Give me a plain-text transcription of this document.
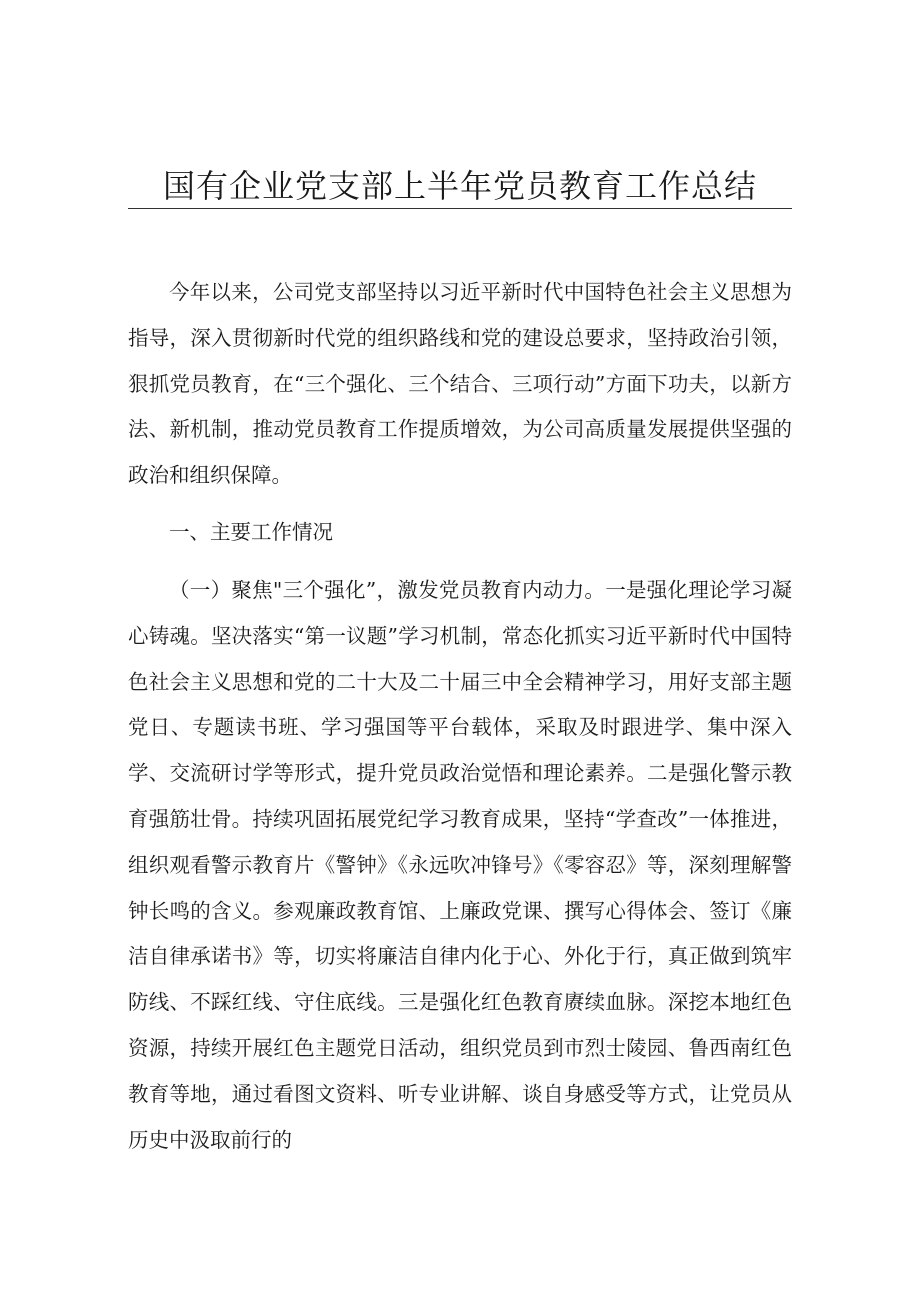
国有企业党支部上半年党员教育工作总结

今年以来，公司党支部坚持以习近平新时代中国特色社会主义思想为指导，深入贯彻新时代党的组织路线和党的建设总要求，坚持政治引领，狠抓党员教育，在“三个强化、三个结合、三项行动”方面下功夫，以新方法、新机制，推动党员教育工作提质增效，为公司高质量发展提供坚强的政治和组织保障。

一、主要工作情况

（一）聚焦"三个强化”，激发党员教育内动力。一是强化理论学习凝心铸魂。坚决落实“第一议题”学习机制，常态化抓实习近平新时代中国特色社会主义思想和党的二十大及二十届三中全会精神学习，用好支部主题党日、专题读书班、学习强国等平台载体，采取及时跟进学、集中深入学、交流研讨学等形式，提升党员政治觉悟和理论素养。二是强化警示教育强筋壮骨。持续巩固拓展党纪学习教育成果，坚持“学查改”一体推进，组织观看警示教育片《警钟》《永远吹冲锋号》《零容忍》等，深刻理解警钟长鸣的含义。参观廉政教育馆、上廉政党课、撰写心得体会、签订《廉洁自律承诺书》等，切实将廉洁自律内化于心、外化于行，真正做到筑牢防线、不踩红线、守住底线。三是强化红色教育赓续血脉。深挖本地红色资源，持续开展红色主题党日活动，组织党员到市烈士陵园、鲁西南红色教育等地，通过看图文资料、听专业讲解、谈自身感受等方式，让党员从历史中汲取前行的
